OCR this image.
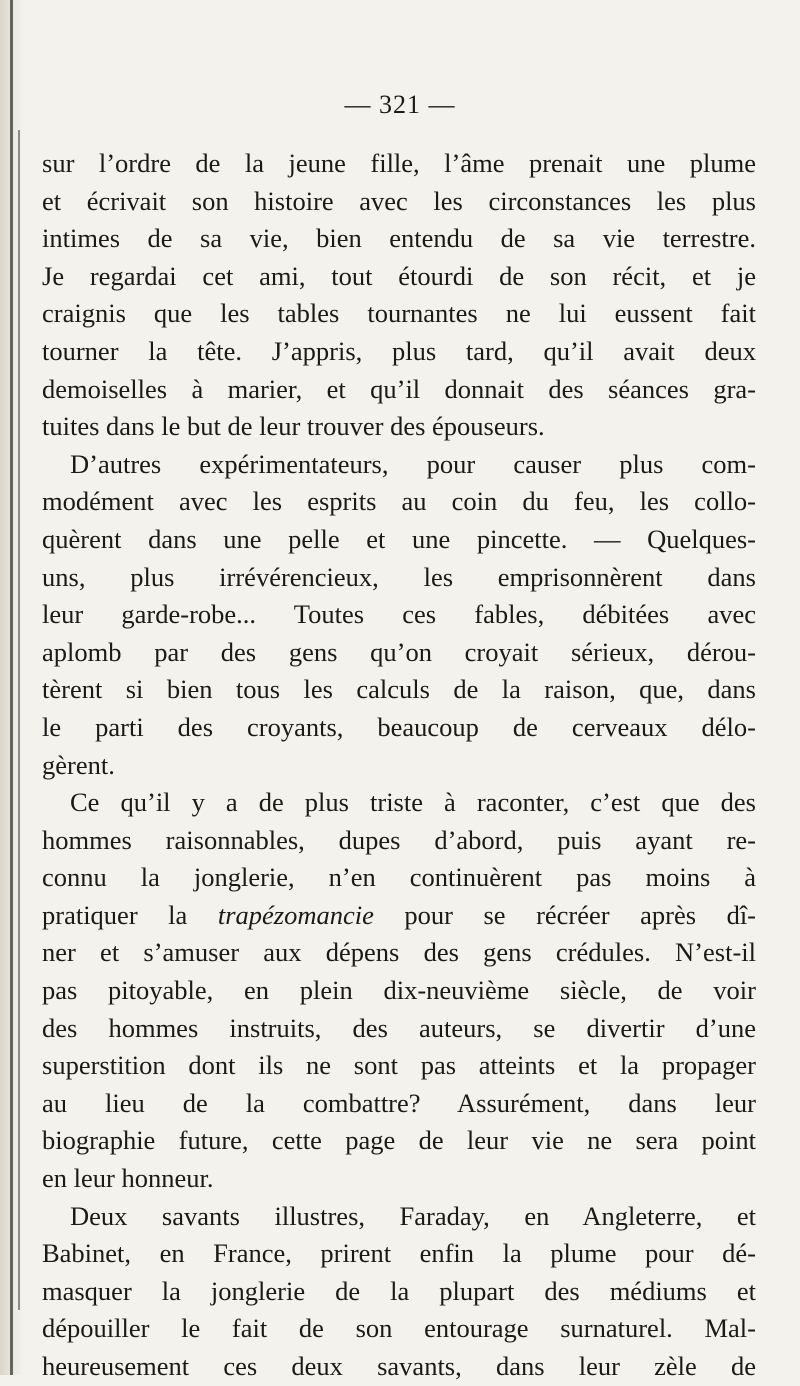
— 321 —
sur l’ordre de la jeune fille, l’âme prenait une plume
et écrivait son histoire avec les circonstances les plus
intimes de sa vie, bien entendu de sa vie terrestre.
Je regardai cet ami, tout étourdi de son récit, et je
craignis que les tables tournantes ne lui eussent fait
tourner la tête. J’appris, plus tard, qu’il avait deux
demoiselles à marier, et qu’il donnait des séances gra-
tuites dans le but de leur trouver des épouseurs.
D’autres expérimentateurs, pour causer plus com-
modément avec les esprits au coin du feu, les collo-
quèrent dans une pelle et une pincette. — Quelques-
uns, plus irrévérencieux, les emprisonnèrent dans
leur garde-robe... Toutes ces fables, débitées avec
aplomb par des gens qu’on croyait sérieux, dérou-
tèrent si bien tous les calculs de la raison, que, dans
le parti des croyants, beaucoup de cerveaux délo-
gèrent.
Ce qu’il y a de plus triste à raconter, c’est que des
hommes raisonnables, dupes d’abord, puis ayant re-
connu la jonglerie, n’en continuèrent pas moins à
pratiquer la trapézomancie pour se récréer après dî-
ner et s’amuser aux dépens des gens crédules. N’est-il
pas pitoyable, en plein dix-neuvième siècle, de voir
des hommes instruits, des auteurs, se divertir d’une
superstition dont ils ne sont pas atteints et la propager
au lieu de la combattre? Assurément, dans leur
biographie future, cette page de leur vie ne sera point
en leur honneur.
Deux savants illustres, Faraday, en Angleterre, et
Babinet, en France, prirent enfin la plume pour dé-
masquer la jonglerie de la plupart des médiums et
dépouiller le fait de son entourage surnaturel. Mal-
heureusement ces deux savants, dans leur zèle de
